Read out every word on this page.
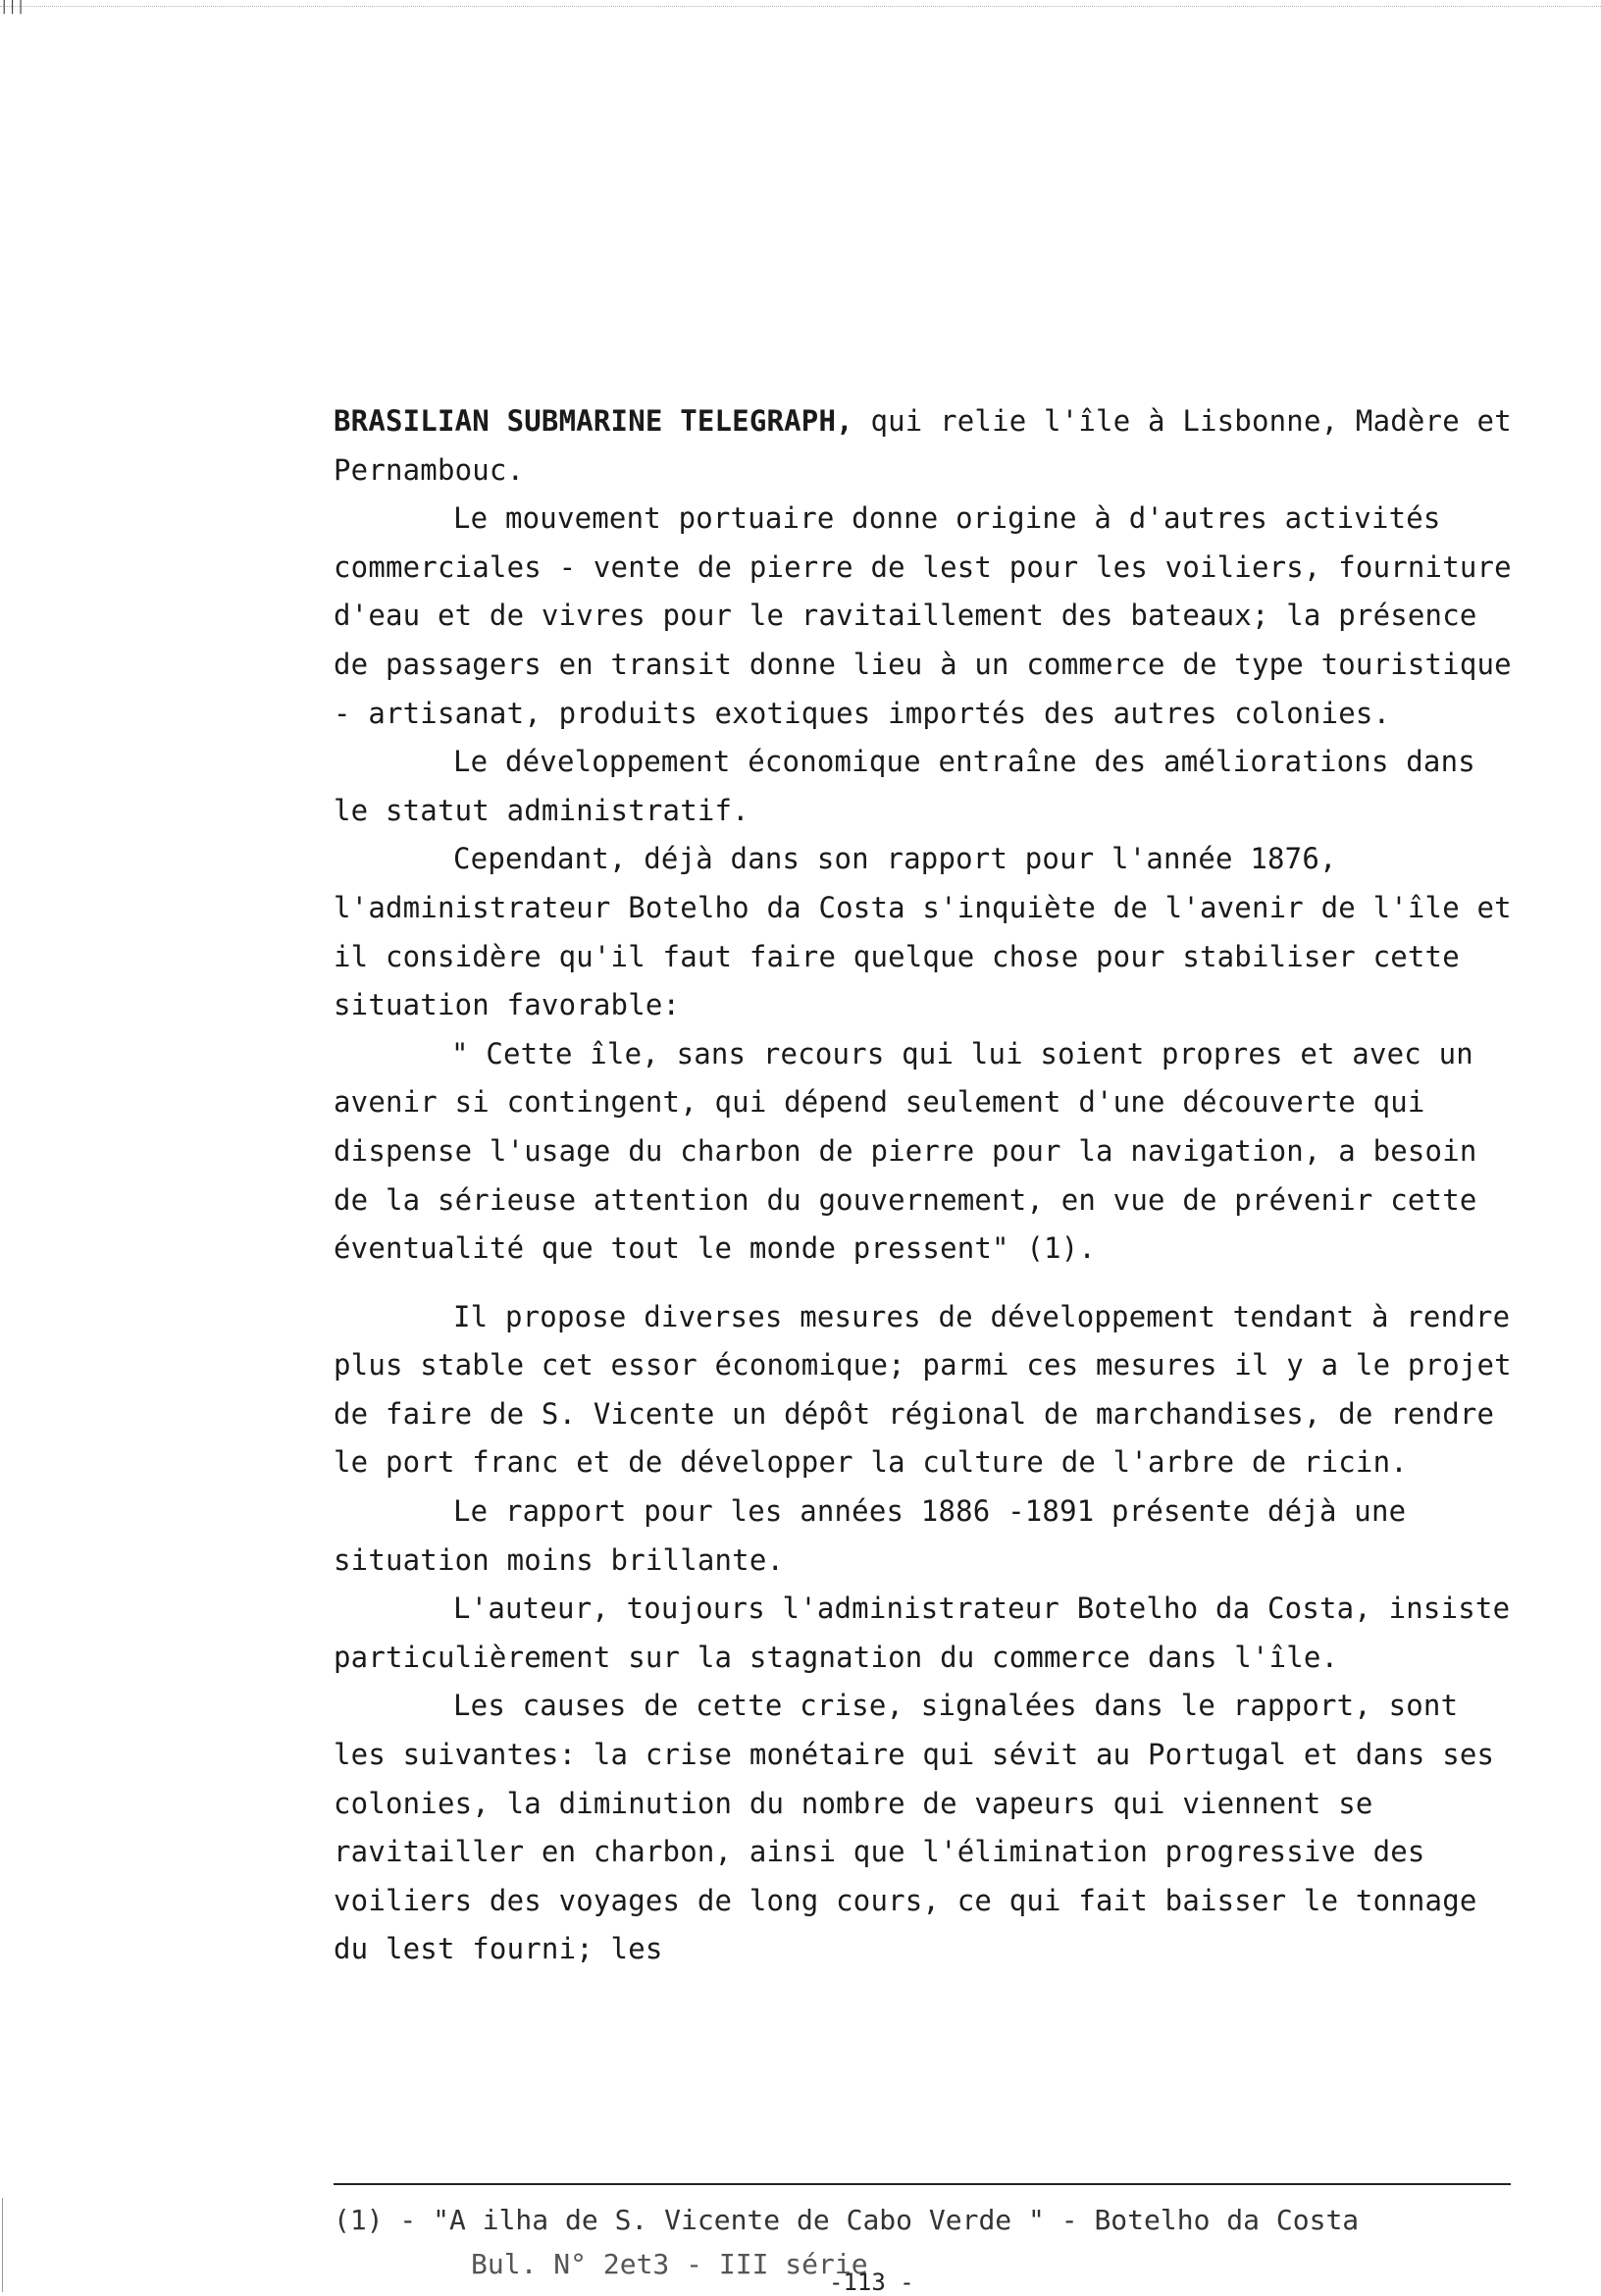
|||

BRASILIAN SUBMARINE TELEGRAPH, qui relie l'île à Lisbonne, Madère et Pernambouc.

Le mouvement portuaire donne origine à d'autres activités commerciales - vente de pierre de lest pour les voiliers, fourniture d'eau et de vivres pour le ravitaillement des bateaux; la présence de passagers en transit donne lieu à un commerce de type touristique - artisanat, produits exotiques importés des autres colonies.

Le développement économique entraîne des améliorations dans le statut administratif.

Cependant, déjà dans son rapport pour l'année 1876, l'administrateur Botelho da Costa s'inquiète de l'avenir de l'île et il considère qu'il faut faire quelque chose pour stabiliser cette situation favorable:

" Cette île, sans recours qui lui soient propres et avec un avenir si contingent, qui dépend seulement d'une découverte qui dispense l'usage du charbon de pierre pour la navigation, a besoin de la sérieuse attention du gouvernement, en vue de prévenir cette éventualité que tout le monde pressent" (1).

Il propose diverses mesures de développement tendant à rendre plus stable cet essor économique; parmi ces mesures il y a le projet de faire de S. Vicente un dépôt régional de marchandises, de rendre le port franc et de développer la culture de l'arbre de ricin.

Le rapport pour les années 1886 -1891 présente déjà une situation moins brillante.

L'auteur, toujours l'administrateur Botelho da Costa, insiste particulièrement sur la stagnation du commerce dans l'île.

Les causes de cette crise, signalées dans le rapport, sont les suivantes: la crise monétaire qui sévit au Portugal et dans ses colonies, la diminution du nombre de vapeurs qui viennent se ravitailler en charbon, ainsi que l'élimination progressive des voiliers des voyages de long cours, ce qui fait baisser le tonnage du lest fourni; les

(1) - "A ilha de S. Vicente de Cabo Verde " - Botelho da Costa
Bul. N° 2et3 - III série
-113 -
